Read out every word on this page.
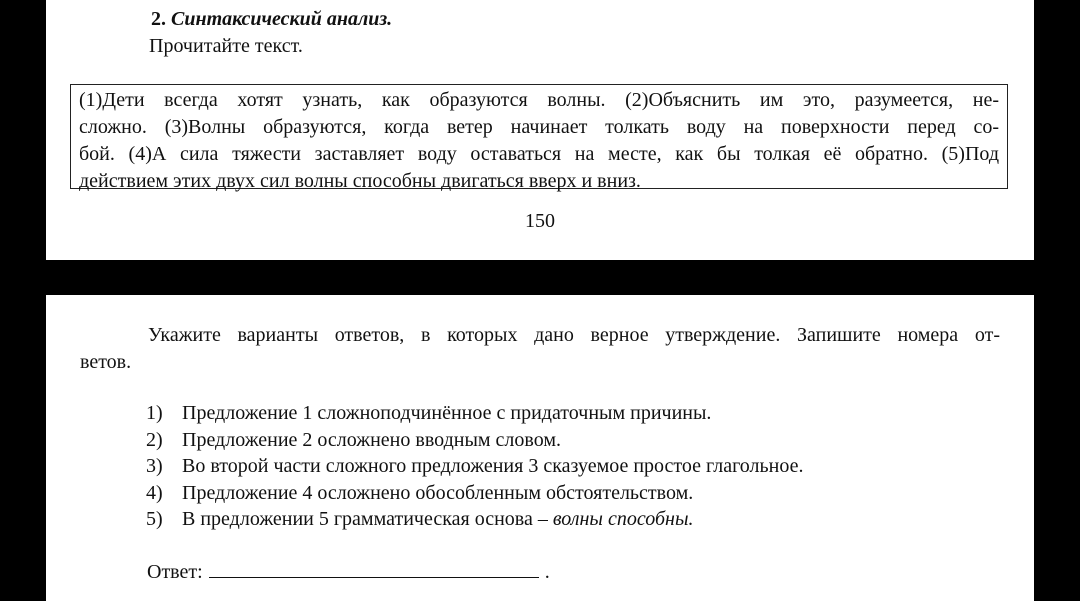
2. Синтаксический анализ.
Прочитайте текст.
(1)Дети всегда хотят узнать, как образуются волны. (2)Объяснить им это, разумеется, не-
сложно. (3)Волны образуются, когда ветер начинает толкать воду на поверхности перед со-
бой. (4)А сила тяжести заставляет воду оставаться на месте, как бы толкая её обратно. (5)Под
действием этих двух сил волны способны двигаться вверх и вниз.
150
Укажите варианты ответов, в которых дано верное утверждение. Запишите номера от-
ветов.
1) Предложение 1 сложноподчинённое с придаточным причины.
2) Предложение 2 осложнено вводным словом.
3) Во второй части сложного предложения 3 сказуемое простое глагольное.
4) Предложение 4 осложнено обособленным обстоятельством.
5) В предложении 5 грамматическая основа – волны способны.
Ответ:	.
